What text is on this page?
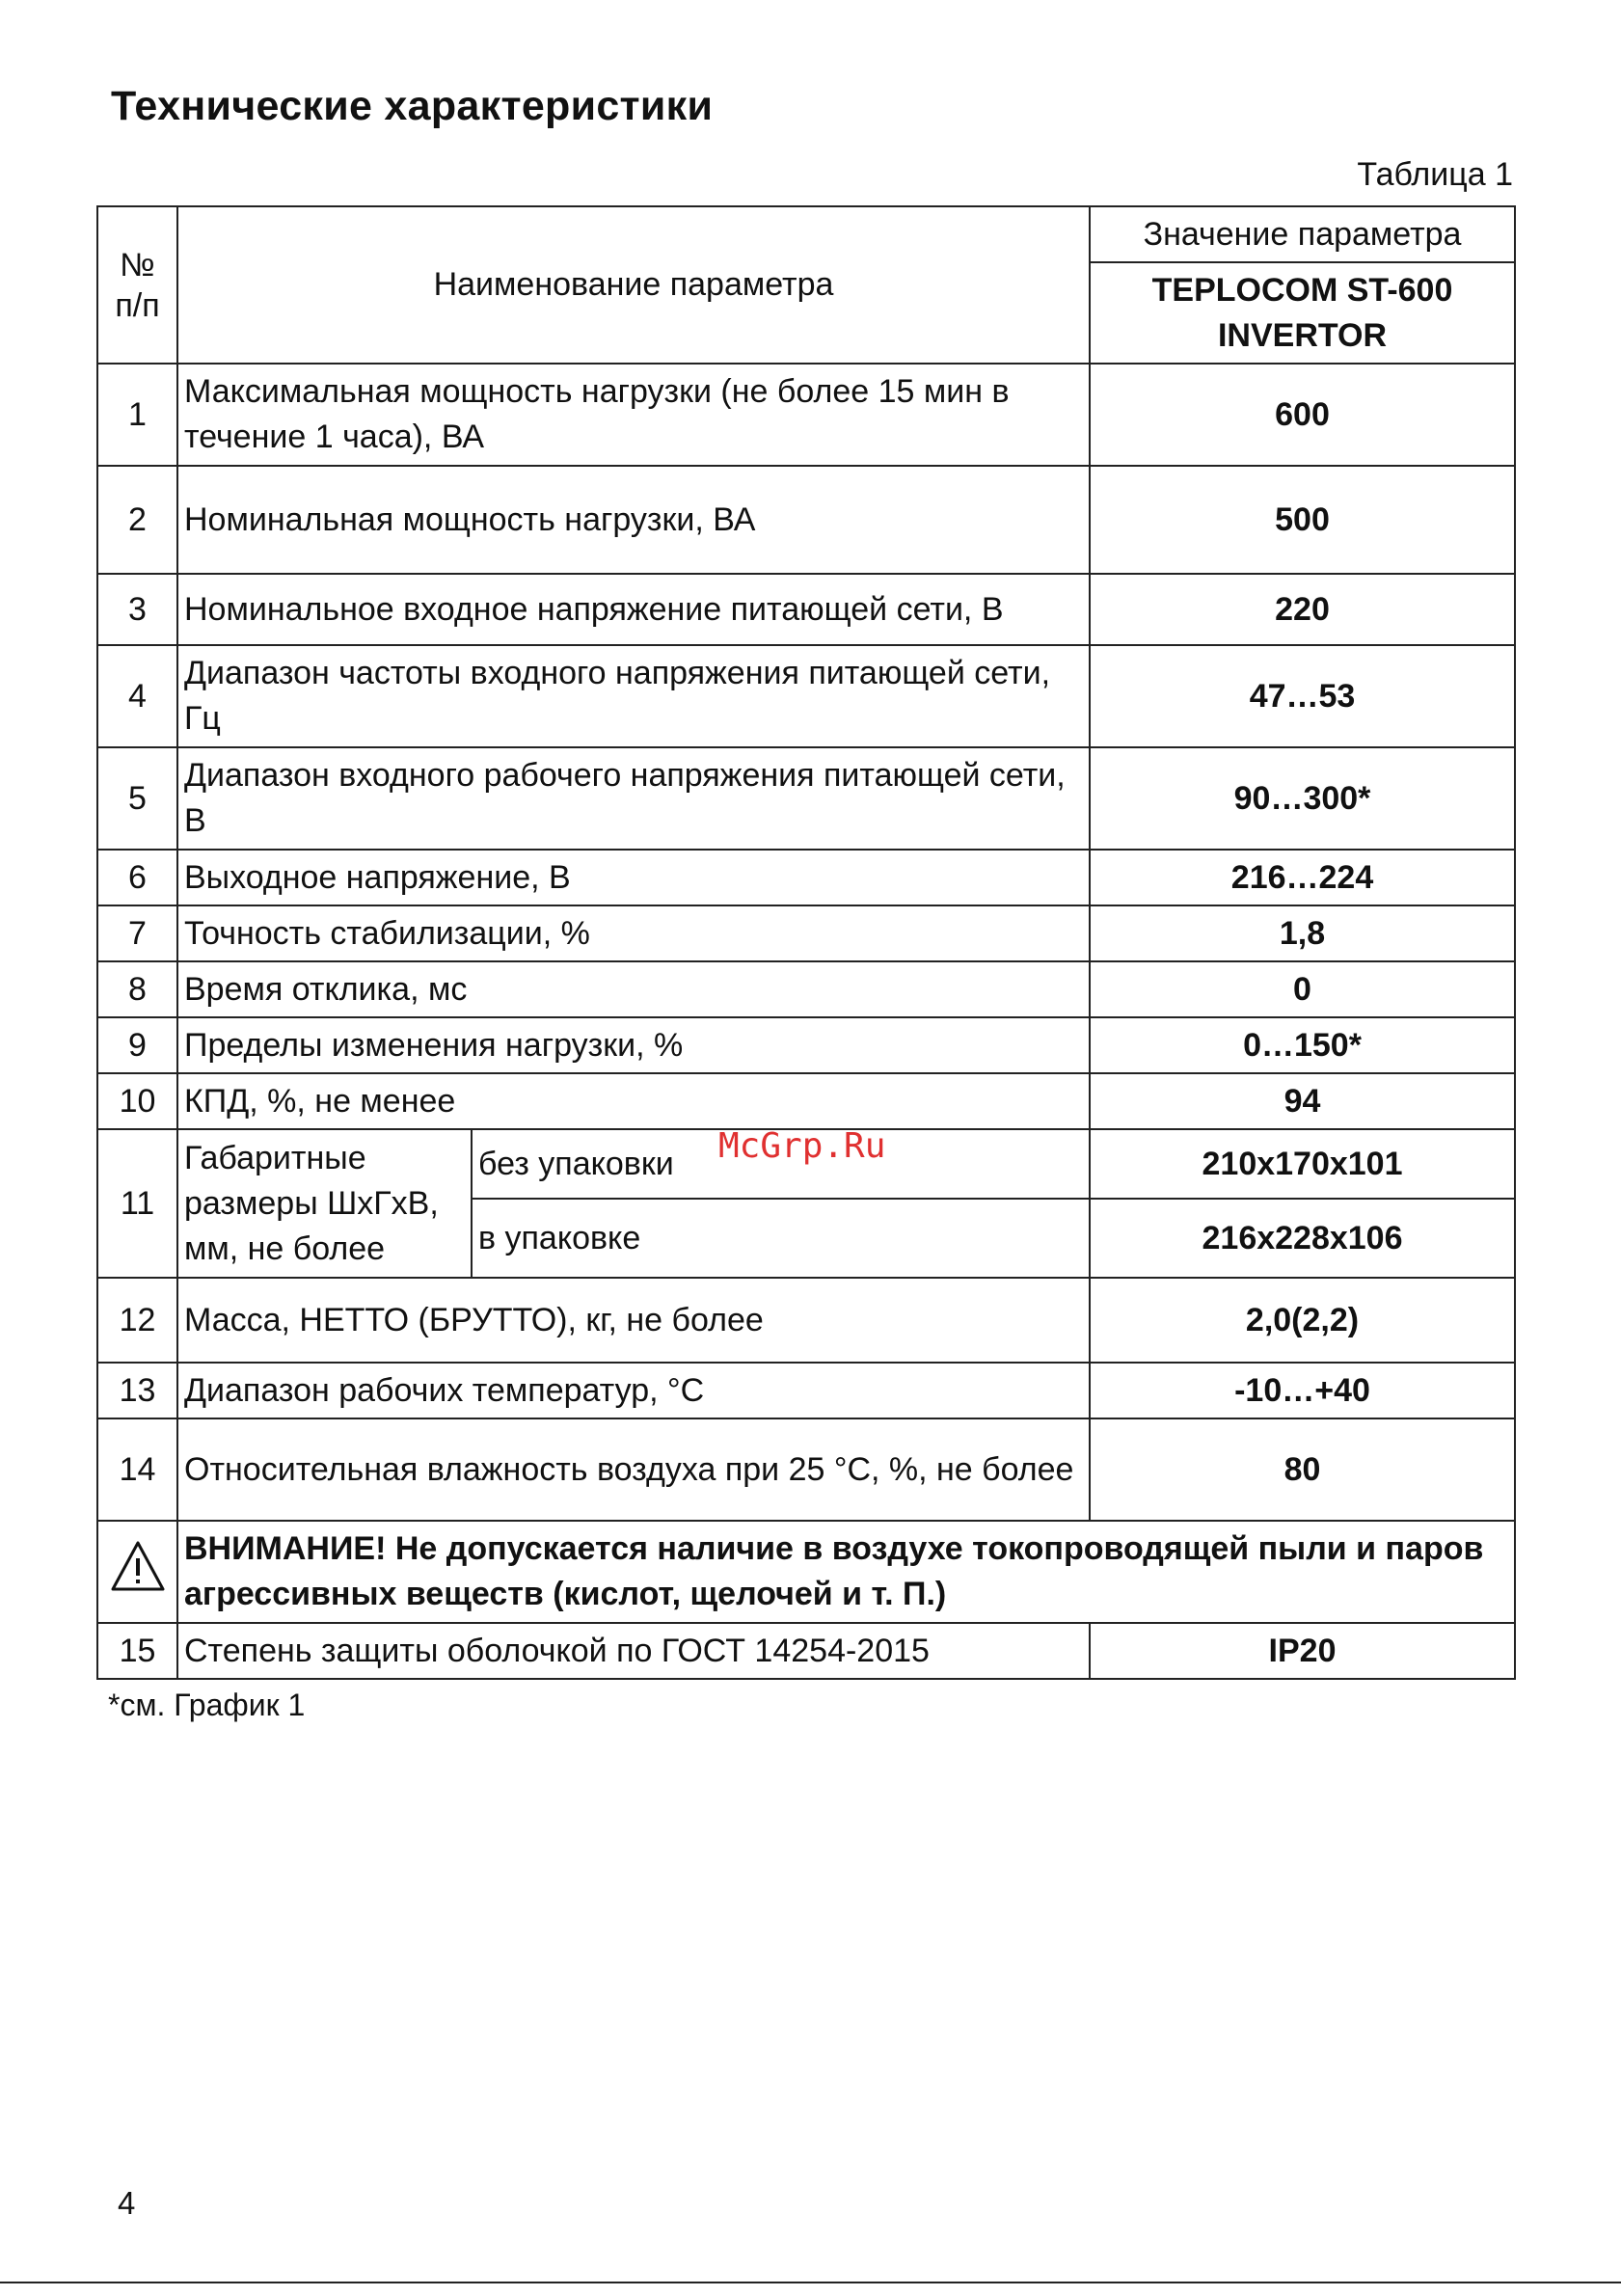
Технические характеристики
Таблица 1
№ п/п	Наименование параметра		Значение параметра
			TEPLOCOM ST-600 INVERTOR
1	Максимальная мощность нагрузки (не более 15 мин в течение 1 часа), ВА		600
2	Номинальная мощность нагрузки, ВА		500
3	Номинальное входное напряжение питающей сети, В		220
4	Диапазон частоты входного напряжения питающей сети, Гц		47…53
5	Диапазон входного рабочего напряжения питающей сети, В		90…300*
6	Выходное напряжение, В		216…224
7	Точность стабилизации, %		1,8
8	Время отклика, мс		0
9	Пределы изменения нагрузки, %		0…150*
10	КПД, %, не менее		94
11	Габаритные размеры ШхГхВ, мм, не более	без упаковки	210х170х101
		в упаковке	216х228х106
12	Масса, НЕТТО (БРУТТО), кг, не более		2,0(2,2)
13	Диапазон рабочих температур, °С		-10…+40
14	Относительная влажность воздуха при 25 °С, %, не более		80
	ВНИМАНИЕ! Не допускается наличие в воздухе токопроводящей пыли и паров агрессивных веществ (кислот, щелочей и т. П.)		
15	Степень защиты оболочкой по ГОСТ 14254-2015		IP20
McGrp.Ru
*см. График 1
4
